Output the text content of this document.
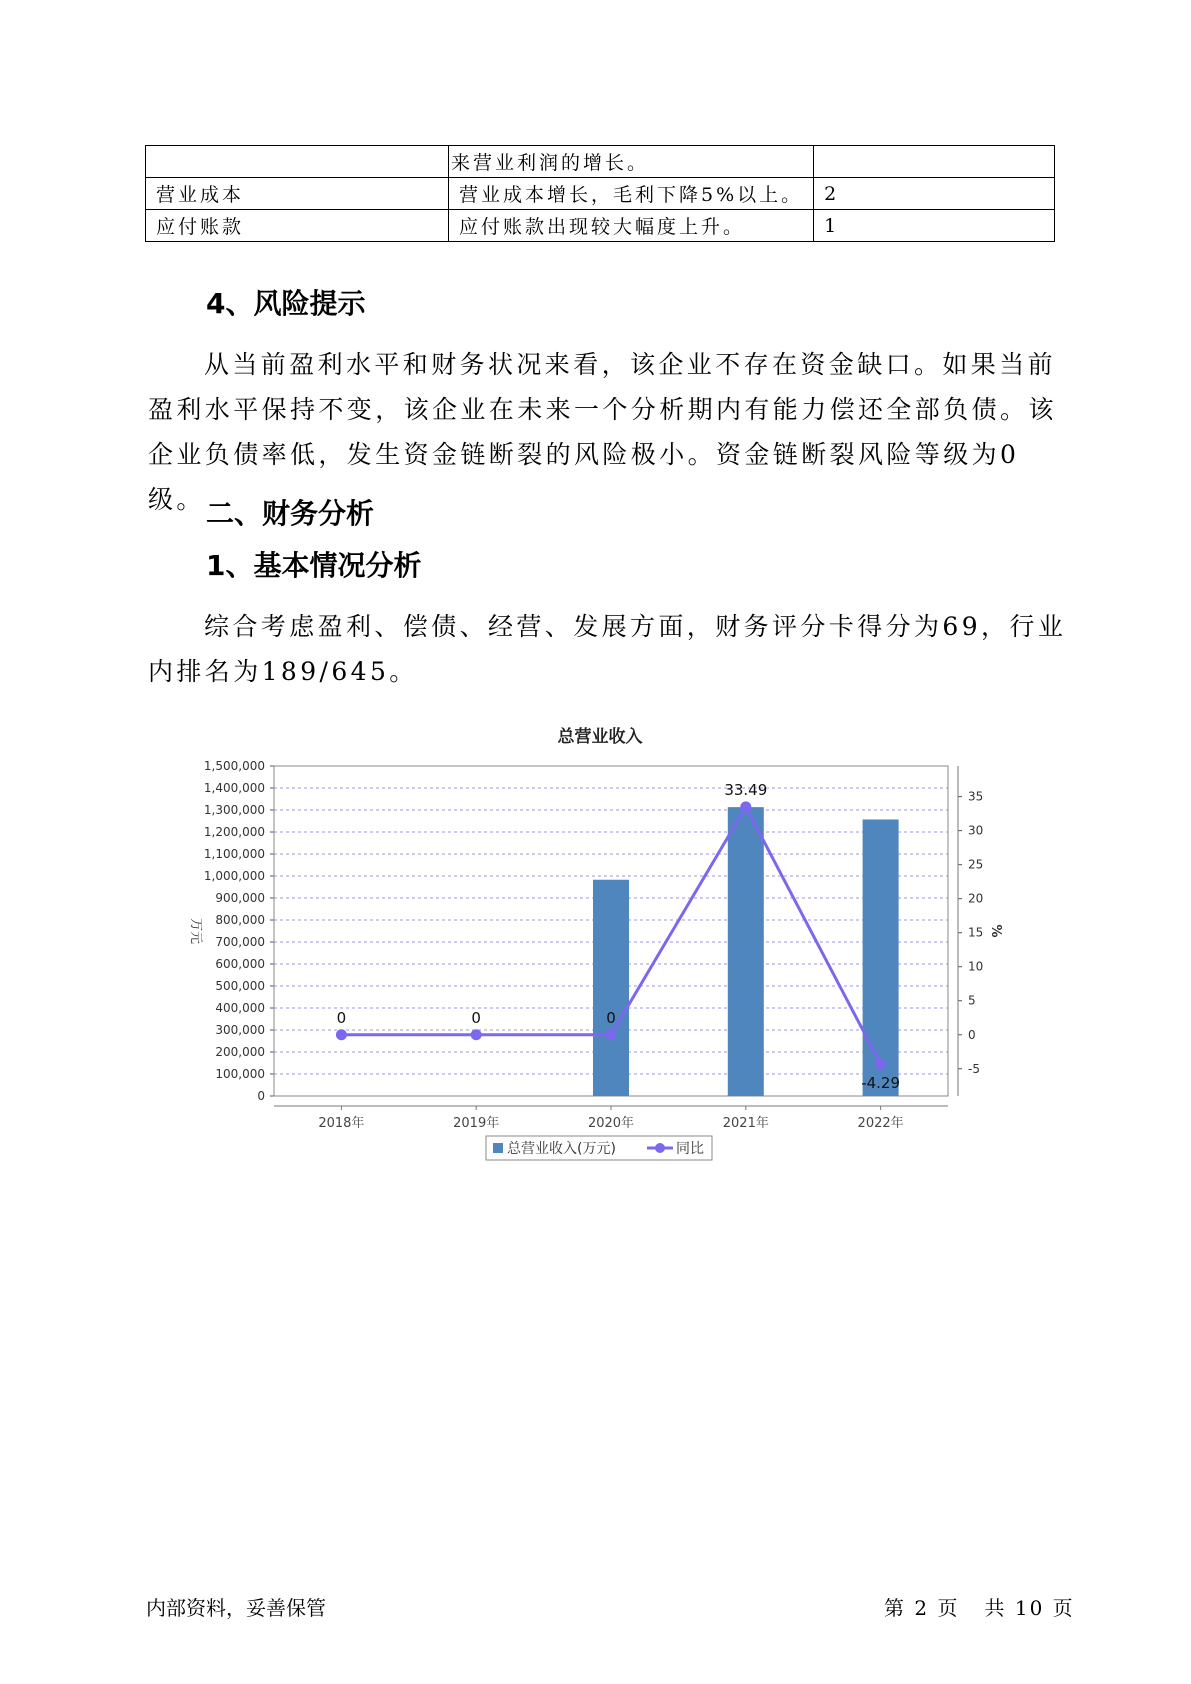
	来营业利润的增长。	
营业成本	营业成本增长，毛利下降5%以上。	2
应付账款	应付账款出现较大幅度上升。	1
4、风险提示
从当前盈利水平和财务状况来看，该企业不存在资金缺口。如果当前
盈利水平保持不变，该企业在未来一个分析期内有能力偿还全部负债。该
企业负债率低，发生资金链断裂的风险极小。资金链断裂风险等级为0级。 二、财务分析
1、基本情况分析
综合考虑盈利、偿债、经营、发展方面，财务评分卡得分为69，行业
内排名为189/645。
总营业收入
0
100,000
200,000
300,000
400,000
500,000
600,000
700,000
800,000
900,000
1,000,000
1,100,000
1,200,000
1,300,000
1,400,000
1,500,000
-5
0
5
10
15
20
25
30
35
万元	%
2018年	2019年	2020年	2021年	2022年
0	0	0
33.49
-4.29
总营业收入(万元)	同比
内部资料，妥善保管	第 2 页   共 10 页
